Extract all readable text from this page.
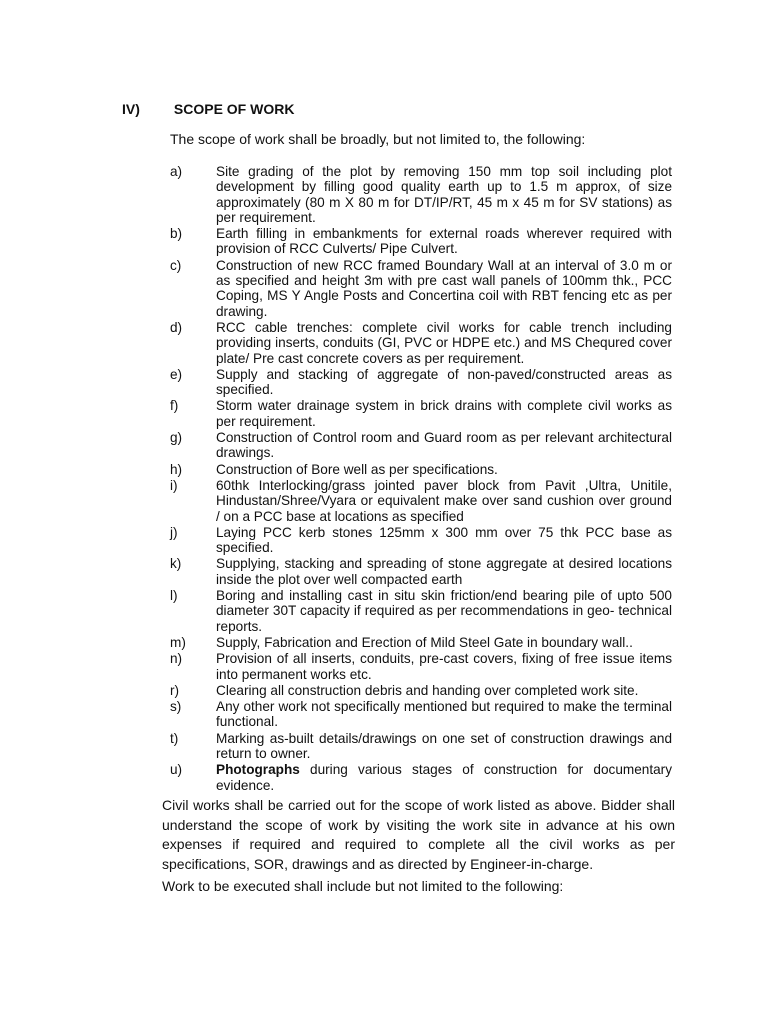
IV) SCOPE OF WORK
The scope of work shall be broadly, but not limited to, the following:
a)	Site grading of the plot by removing 150 mm top soil including plot development by filling good quality earth up to 1.5 m approx, of size approximately (80 m X 80 m for DT/IP/RT, 45 m x 45 m for SV stations) as per requirement.
b)	Earth filling in embankments for external roads wherever required with provision of RCC Culverts/ Pipe Culvert.
c)	Construction of new RCC framed Boundary Wall at an interval of 3.0 m or as specified and height 3m with pre cast wall panels of 100mm thk., PCC Coping, MS Y Angle Posts and Concertina coil with RBT fencing etc as per drawing.
d)	RCC cable trenches: complete civil works for cable trench including providing inserts, conduits (GI, PVC or HDPE etc.) and MS Chequred cover plate/ Pre cast concrete covers as per requirement.
e)	Supply and stacking of aggregate of non-paved/constructed areas as specified.
f)	Storm water drainage system in brick drains with complete civil works as per requirement.
g)	Construction of Control room and Guard room as per relevant architectural drawings.
h)	Construction of Bore well as per specifications.
i)	60thk Interlocking/grass jointed paver block from Pavit ,Ultra, Unitile, Hindustan/Shree/Vyara or equivalent make over sand cushion over ground / on a PCC base at locations as specified
j)	Laying PCC kerb stones 125mm x 300 mm over 75 thk PCC base as specified.
k)	Supplying, stacking and spreading of stone aggregate at desired locations inside the plot over well compacted earth
l)	Boring and installing cast in situ skin friction/end bearing pile of upto 500 diameter 30T capacity if required as per recommendations in geo- technical reports.
m)	Supply, Fabrication and Erection of Mild Steel Gate in boundary wall..
n)	Provision of all inserts, conduits, pre-cast covers, fixing of free issue items into permanent works etc.
r)	Clearing all construction debris and handing over completed work site.
s)	Any other work not specifically mentioned but required to make the terminal functional.
t)	Marking as-built details/drawings on one set of construction drawings and return to owner.
u)	Photographs during various stages of construction for documentary evidence.
Civil works shall be carried out for the scope of work listed as above. Bidder shall understand the scope of work by visiting the work site in advance at his own expenses if required and required to complete all the civil works as per specifications, SOR, drawings and as directed by Engineer-in-charge.
Work to be executed shall include but not limited to the following:
